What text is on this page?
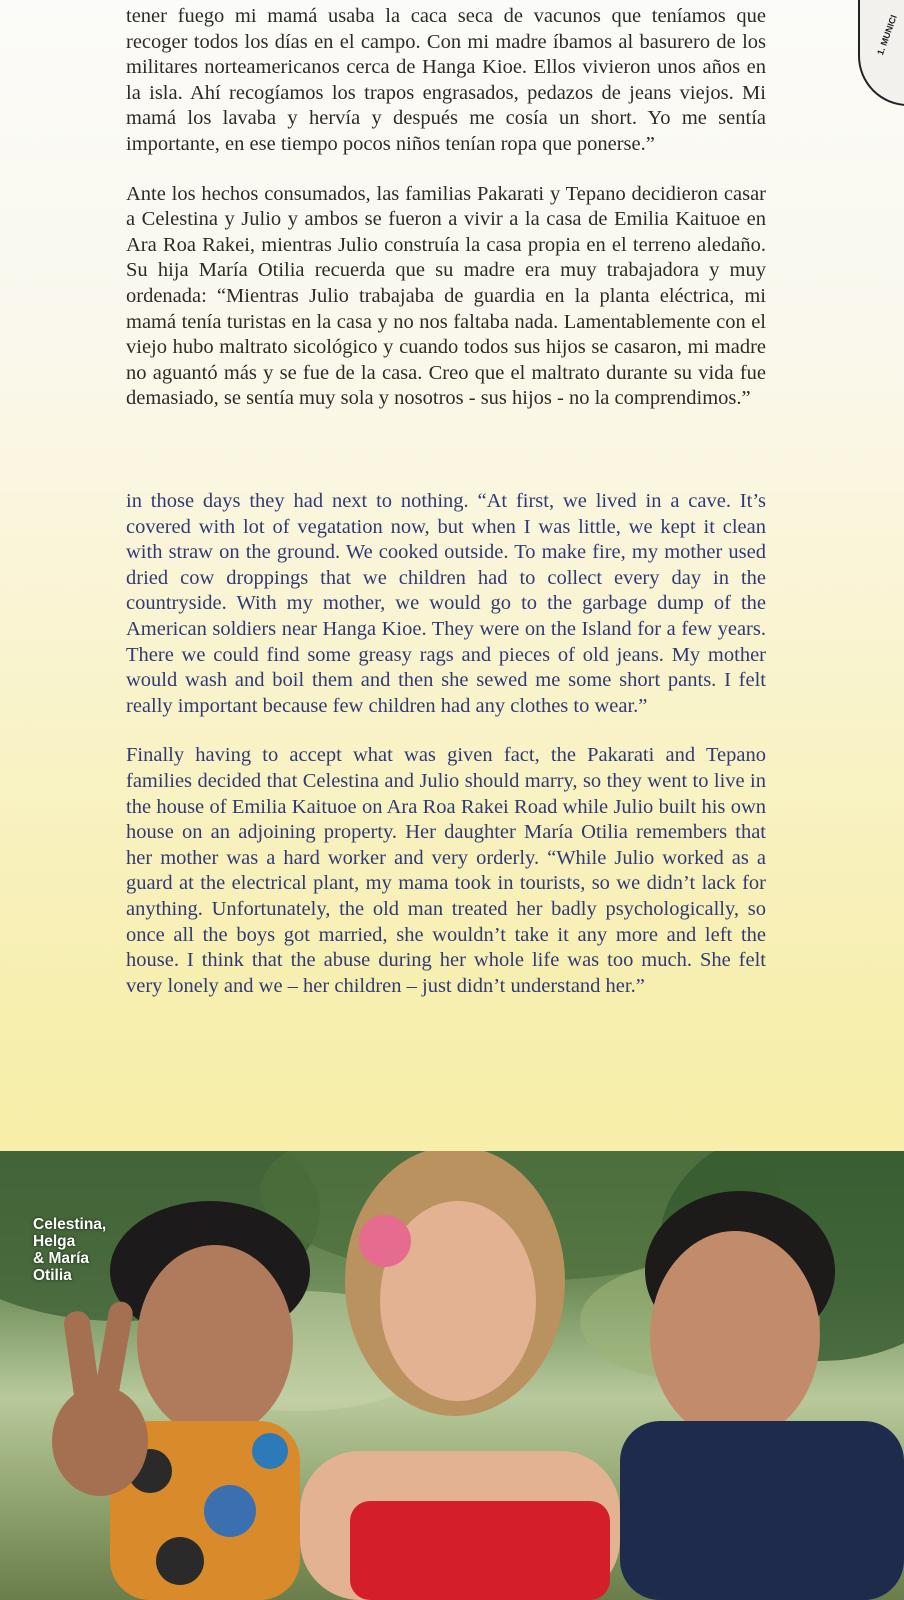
1. MUNICI

tener fuego mi mamá usaba la caca seca de vacunos que teníamos que recoger todos los días en el campo. Con mi madre íbamos al basurero de los militares norteamericanos cerca de Hanga Kioe. Ellos vivieron unos años en la isla. Ahí recogíamos los trapos engrasados, pedazos de jeans viejos. Mi mamá los lavaba y hervía y después me cosía un short. Yo me sentía importante, en ese tiempo pocos niños tenían ropa que ponerse.”

Ante los hechos consumados, las familias Pakarati y Tepano decidieron casar a Celestina y Julio y ambos se fueron a vivir a la casa de Emilia Kaituoe en Ara Roa Rakei, mientras Julio construía la casa propia en el terreno aledaño. Su hija María Otilia recuerda que su madre era muy trabajadora y muy ordenada: “Mientras Julio trabajaba de guardia en la planta eléctrica, mi mamá tenía turistas en la casa y no nos faltaba nada. Lamentablemente con el viejo hubo maltrato sicológico y cuando todos sus hijos se casaron, mi madre no aguantó más y se fue de la casa. Creo que el maltrato durante su vida fue demasiado, se sentía muy sola y nosotros - sus hijos - no la comprendimos.”

in those days they had next to nothing. “At first, we lived in a cave. It’s covered with lot of vegatation now, but when I was little, we kept it clean with straw on the ground. We cooked outside. To make fire, my mother used dried cow droppings that we children had to collect every day in the countryside. With my mother, we would go to the garbage dump of the American soldiers near Hanga Kioe. They were on the Island for a few years. There we could find some greasy rags and pieces of old jeans. My mother would wash and boil them and then she sewed me some short pants. I felt really important because few children had any clothes to wear.”

Finally having to accept what was given fact, the Pakarati and Tepano families decided that Celestina and Julio should marry, so they went to live in the house of Emilia Kaituoe on Ara Roa Rakei Road while Julio built his own house on an adjoining property. Her daughter María Otilia remembers that her mother was a hard worker and very orderly. “While Julio worked as a guard at the electrical plant, my mama took in tourists, so we didn’t lack for anything. Unfortunately, the old man treated her badly psychologically, so once all the boys got married, she wouldn’t take it any more and left the house. I think that the abuse during her whole life was too much. She felt very lonely and we – her children – just didn’t understand her.”

Celestina,
Helga
& María
Otilia
